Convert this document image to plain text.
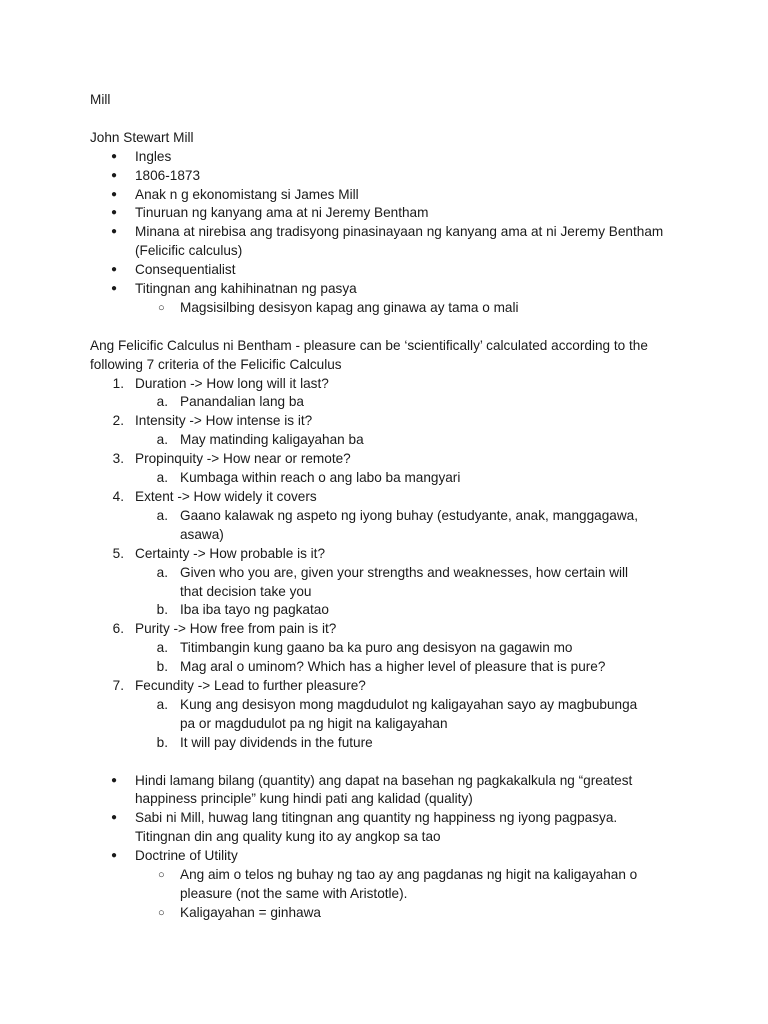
Mill

John Stewart Mill

● Ingles
● 1806-1873
● Anak n g ekonomistang si James Mill
● Tinuruan ng kanyang ama at ni Jeremy Bentham
● Minana at nirebisa ang tradisyong pinasinayaan ng kanyang ama at ni Jeremy Bentham (Felicific calculus)
● Consequentialist
● Titingnan ang kahihinatnan ng pasya
○ Magsisilbing desisyon kapag ang ginawa ay tama o mali

Ang Felicific Calculus ni Bentham - pleasure can be ‘scientifically’ calculated according to the following 7 criteria of the Felicific Calculus

1. Duration -> How long will it last?
a. Panandalian lang ba
2. Intensity -> How intense is it?
a. May matinding kaligayahan ba
3. Propinquity -> How near or remote?
a. Kumbaga within reach o ang labo ba mangyari
4. Extent -> How widely it covers
a. Gaano kalawak ng aspeto ng iyong buhay (estudyante, anak, manggagawa, asawa)
5. Certainty -> How probable is it?
a. Given who you are, given your strengths and weaknesses, how certain will that decision take you
b. Iba iba tayo ng pagkatao
6. Purity -> How free from pain is it?
a. Titimbangin kung gaano ba ka puro ang desisyon na gagawin mo
b. Mag aral o uminom? Which has a higher level of pleasure that is pure?
7. Fecundity -> Lead to further pleasure?
a. Kung ang desisyon mong magdudulot ng kaligayahan sayo ay magbubunga pa or magdudulot pa ng higit na kaligayahan
b. It will pay dividends in the future
● Hindi lamang bilang (quantity) ang dapat na basehan ng pagkakalkula ng “greatest happiness principle” kung hindi pati ang kalidad (quality)
● Sabi ni Mill, huwag lang titingnan ang quantity ng happiness ng iyong pagpasya. Titingnan din ang quality kung ito ay angkop sa tao
● Doctrine of Utility
○ Ang aim o telos ng buhay ng tao ay ang pagdanas ng higit na kaligayahan o pleasure (not the same with Aristotle).
○ Kaligayahan = ginhawa
